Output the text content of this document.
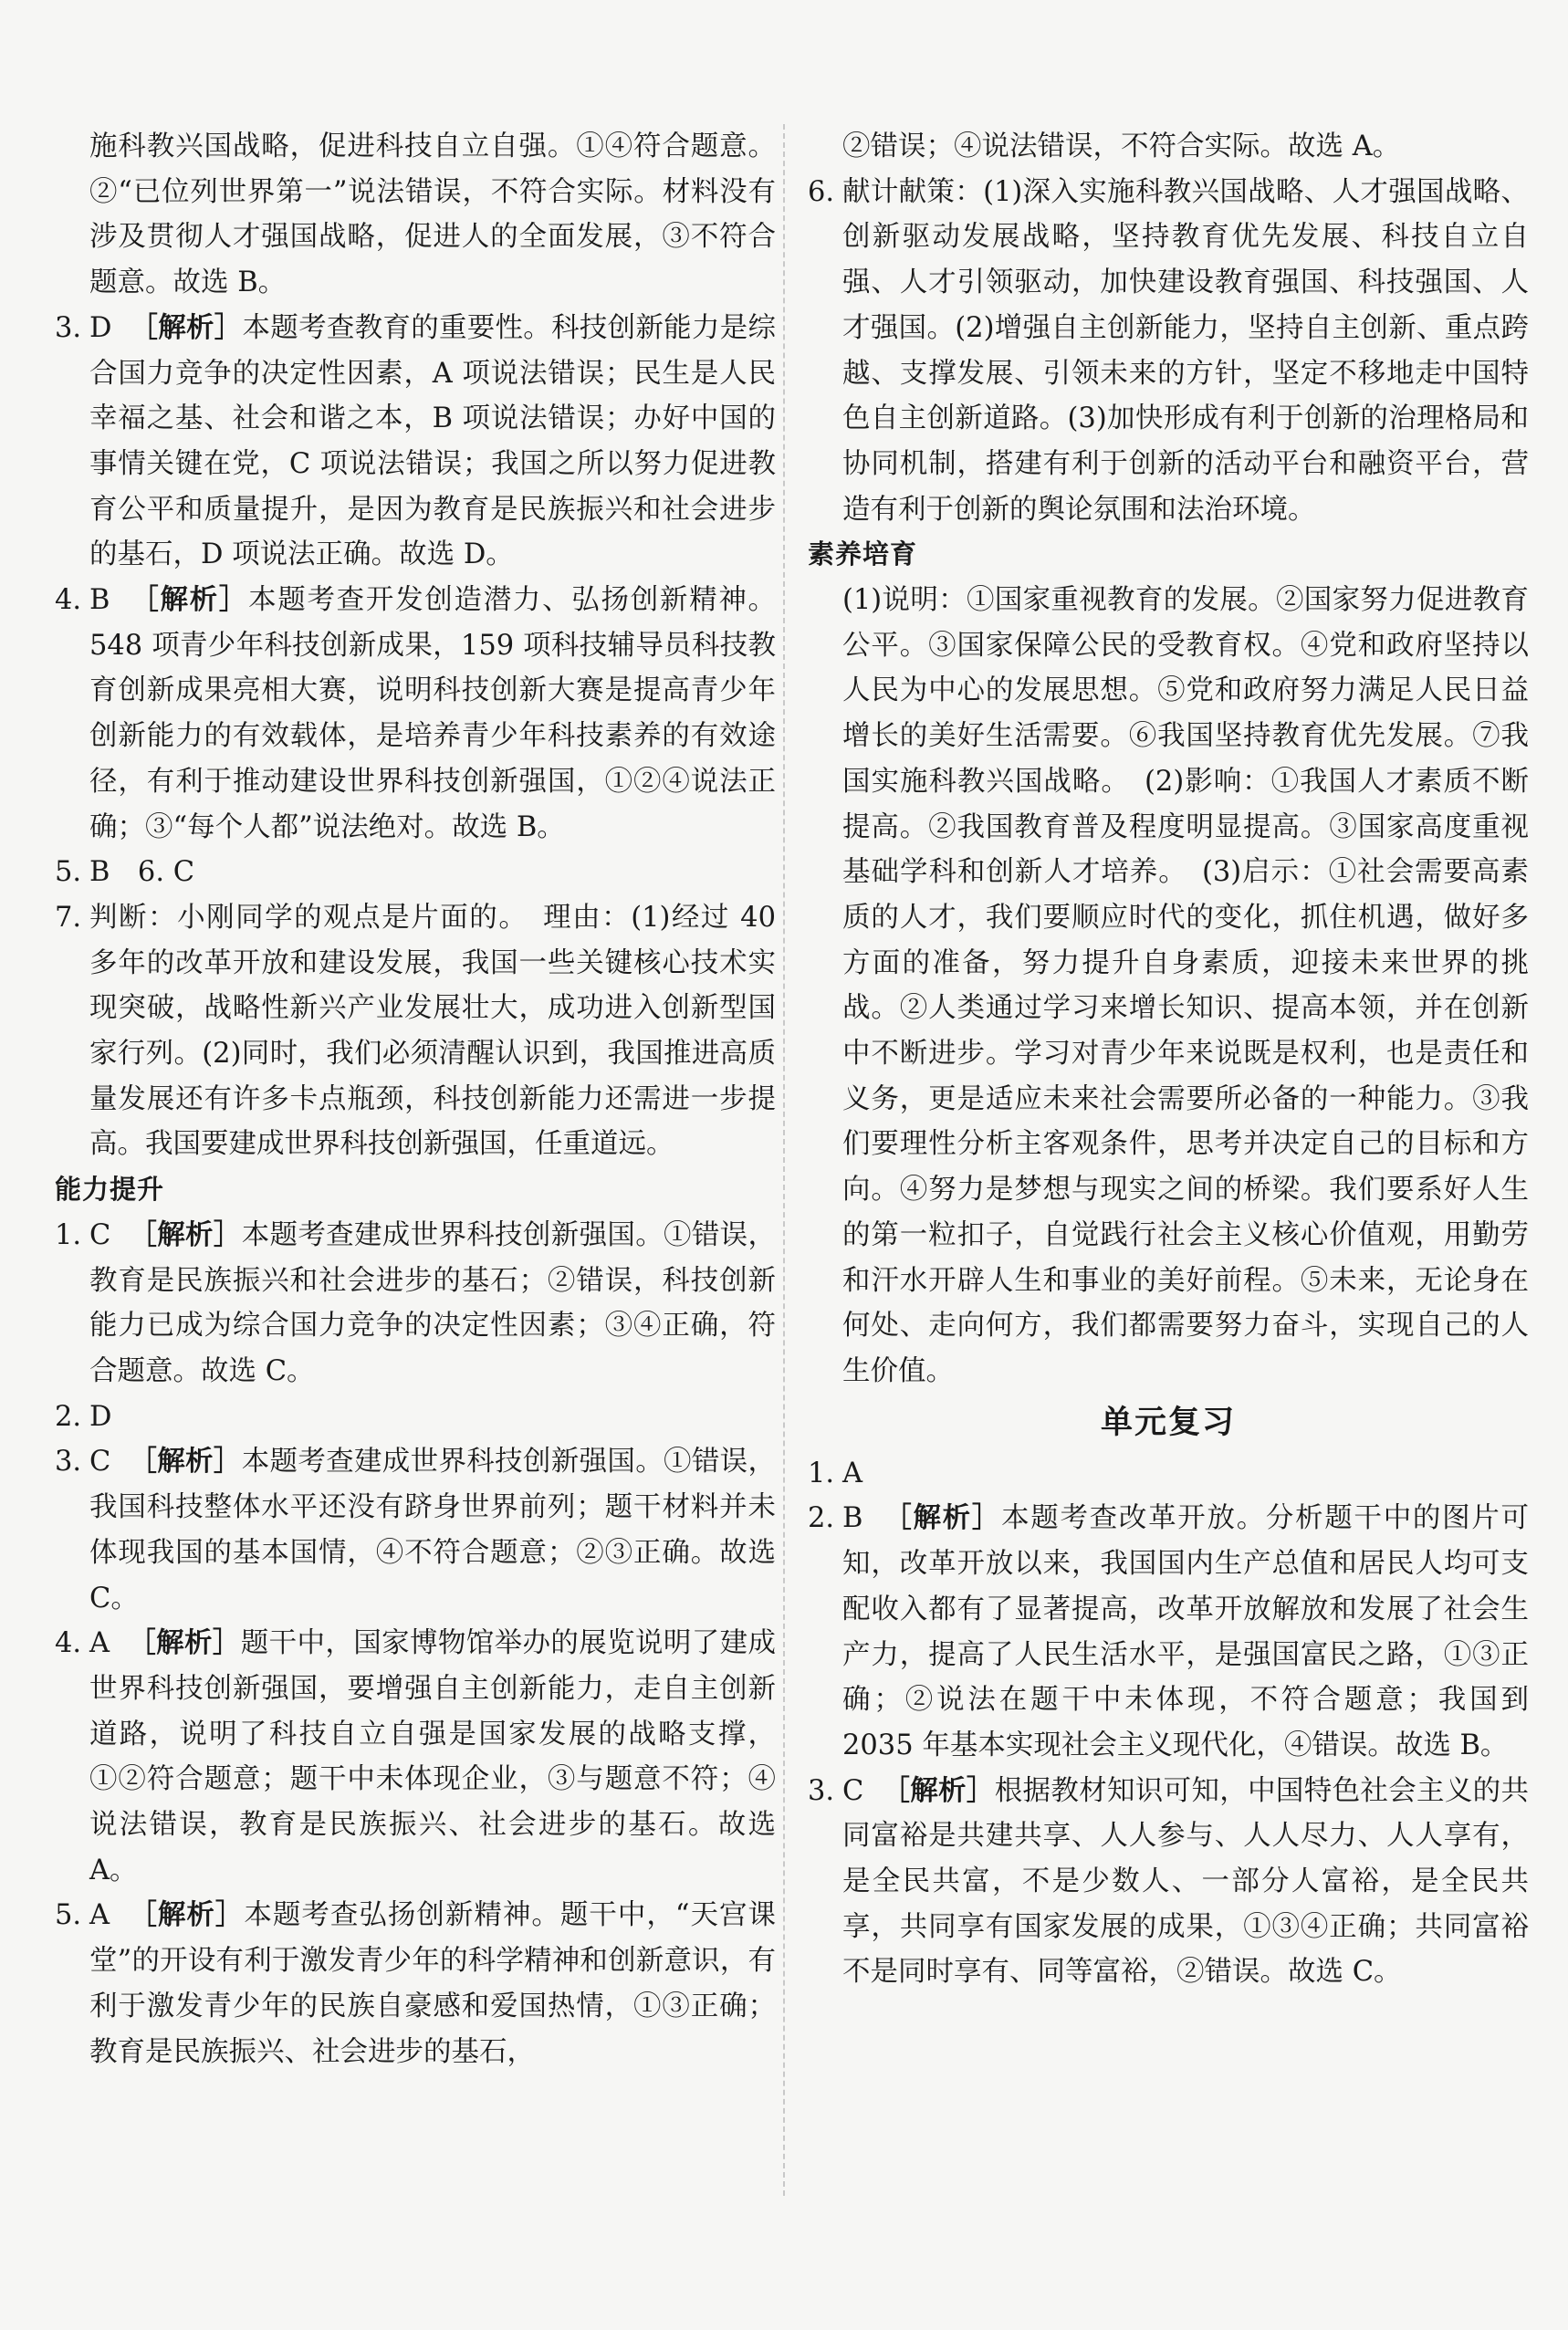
施科教兴国战略，促进科技自立自强。①④符合题意。②“已位列世界第一”说法错误，不符合实际。材料没有涉及贯彻人才强国战略，促进人的全面发展，③不符合题意。故选 B。
3. D ［解析］本题考查教育的重要性。科技创新能力是综合国力竞争的决定性因素，A 项说法错误；民生是人民幸福之基、社会和谐之本，B 项说法错误；办好中国的事情关键在党，C 项说法错误；我国之所以努力促进教育公平和质量提升，是因为教育是民族振兴和社会进步的基石，D 项说法正确。故选 D。
4. B ［解析］本题考查开发创造潜力、弘扬创新精神。548 项青少年科技创新成果，159 项科技辅导员科技教育创新成果亮相大赛，说明科技创新大赛是提高青少年创新能力的有效载体，是培养青少年科技素养的有效途径，有利于推动建设世界科技创新强国，①②④说法正确；③“每个人都”说法绝对。故选 B。
5. B　6. C
7. 判断：小刚同学的观点是片面的。　理由：(1)经过 40 多年的改革开放和建设发展，我国一些关键核心技术实现突破，战略性新兴产业发展壮大，成功进入创新型国家行列。(2)同时，我们必须清醒认识到，我国推进高质量发展还有许多卡点瓶颈，科技创新能力还需进一步提高。我国要建成世界科技创新强国，任重道远。
能力提升
1. C ［解析］本题考查建成世界科技创新强国。①错误，教育是民族振兴和社会进步的基石；②错误，科技创新能力已成为综合国力竞争的决定性因素；③④正确，符合题意。故选 C。
2. D
3. C ［解析］本题考查建成世界科技创新强国。①错误，我国科技整体水平还没有跻身世界前列；题干材料并未体现我国的基本国情，④不符合题意；②③正确。故选 C。
4. A ［解析］题干中，国家博物馆举办的展览说明了建成世界科技创新强国，要增强自主创新能力，走自主创新道路，说明了科技自立自强是国家发展的战略支撑，①②符合题意；题干中未体现企业，③与题意不符；④说法错误，教育是民族振兴、社会进步的基石。故选 A。
5. A ［解析］本题考查弘扬创新精神。题干中，“天宫课堂”的开设有利于激发青少年的科学精神和创新意识，有利于激发青少年的民族自豪感和爱国热情，①③正确；教育是民族振兴、社会进步的基石，
②错误；④说法错误，不符合实际。故选 A。
6. 献计献策：(1)深入实施科教兴国战略、人才强国战略、创新驱动发展战略，坚持教育优先发展、科技自立自强、人才引领驱动，加快建设教育强国、科技强国、人才强国。(2)增强自主创新能力，坚持自主创新、重点跨越、支撑发展、引领未来的方针，坚定不移地走中国特色自主创新道路。(3)加快形成有利于创新的治理格局和协同机制，搭建有利于创新的活动平台和融资平台，营造有利于创新的舆论氛围和法治环境。
素养培育
(1)说明：①国家重视教育的发展。②国家努力促进教育公平。③国家保障公民的受教育权。④党和政府坚持以人民为中心的发展思想。⑤党和政府努力满足人民日益增长的美好生活需要。⑥我国坚持教育优先发展。⑦我国实施科教兴国战略。　(2)影响：①我国人才素质不断提高。②我国教育普及程度明显提高。③国家高度重视基础学科和创新人才培养。　(3)启示：①社会需要高素质的人才，我们要顺应时代的变化，抓住机遇，做好多方面的准备，努力提升自身素质，迎接未来世界的挑战。②人类通过学习来增长知识、提高本领，并在创新中不断进步。学习对青少年来说既是权利，也是责任和义务，更是适应未来社会需要所必备的一种能力。③我们要理性分析主客观条件，思考并决定自己的目标和方向。④努力是梦想与现实之间的桥梁。我们要系好人生的第一粒扣子，自觉践行社会主义核心价值观，用勤劳和汗水开辟人生和事业的美好前程。⑤未来，无论身在何处、走向何方，我们都需要努力奋斗，实现自己的人生价值。
单元复习
1. A
2. B ［解析］本题考查改革开放。分析题干中的图片可知，改革开放以来，我国国内生产总值和居民人均可支配收入都有了显著提高，改革开放解放和发展了社会生产力，提高了人民生活水平，是强国富民之路，①③正确；②说法在题干中未体现，不符合题意；我国到 2035 年基本实现社会主义现代化，④错误。故选 B。
3. C ［解析］根据教材知识可知，中国特色社会主义的共同富裕是共建共享、人人参与、人人尽力、人人享有，是全民共富，不是少数人、一部分人富裕，是全民共享，共同享有国家发展的成果，①③④正确；共同富裕不是同时享有、同等富裕，②错误。故选 C。
